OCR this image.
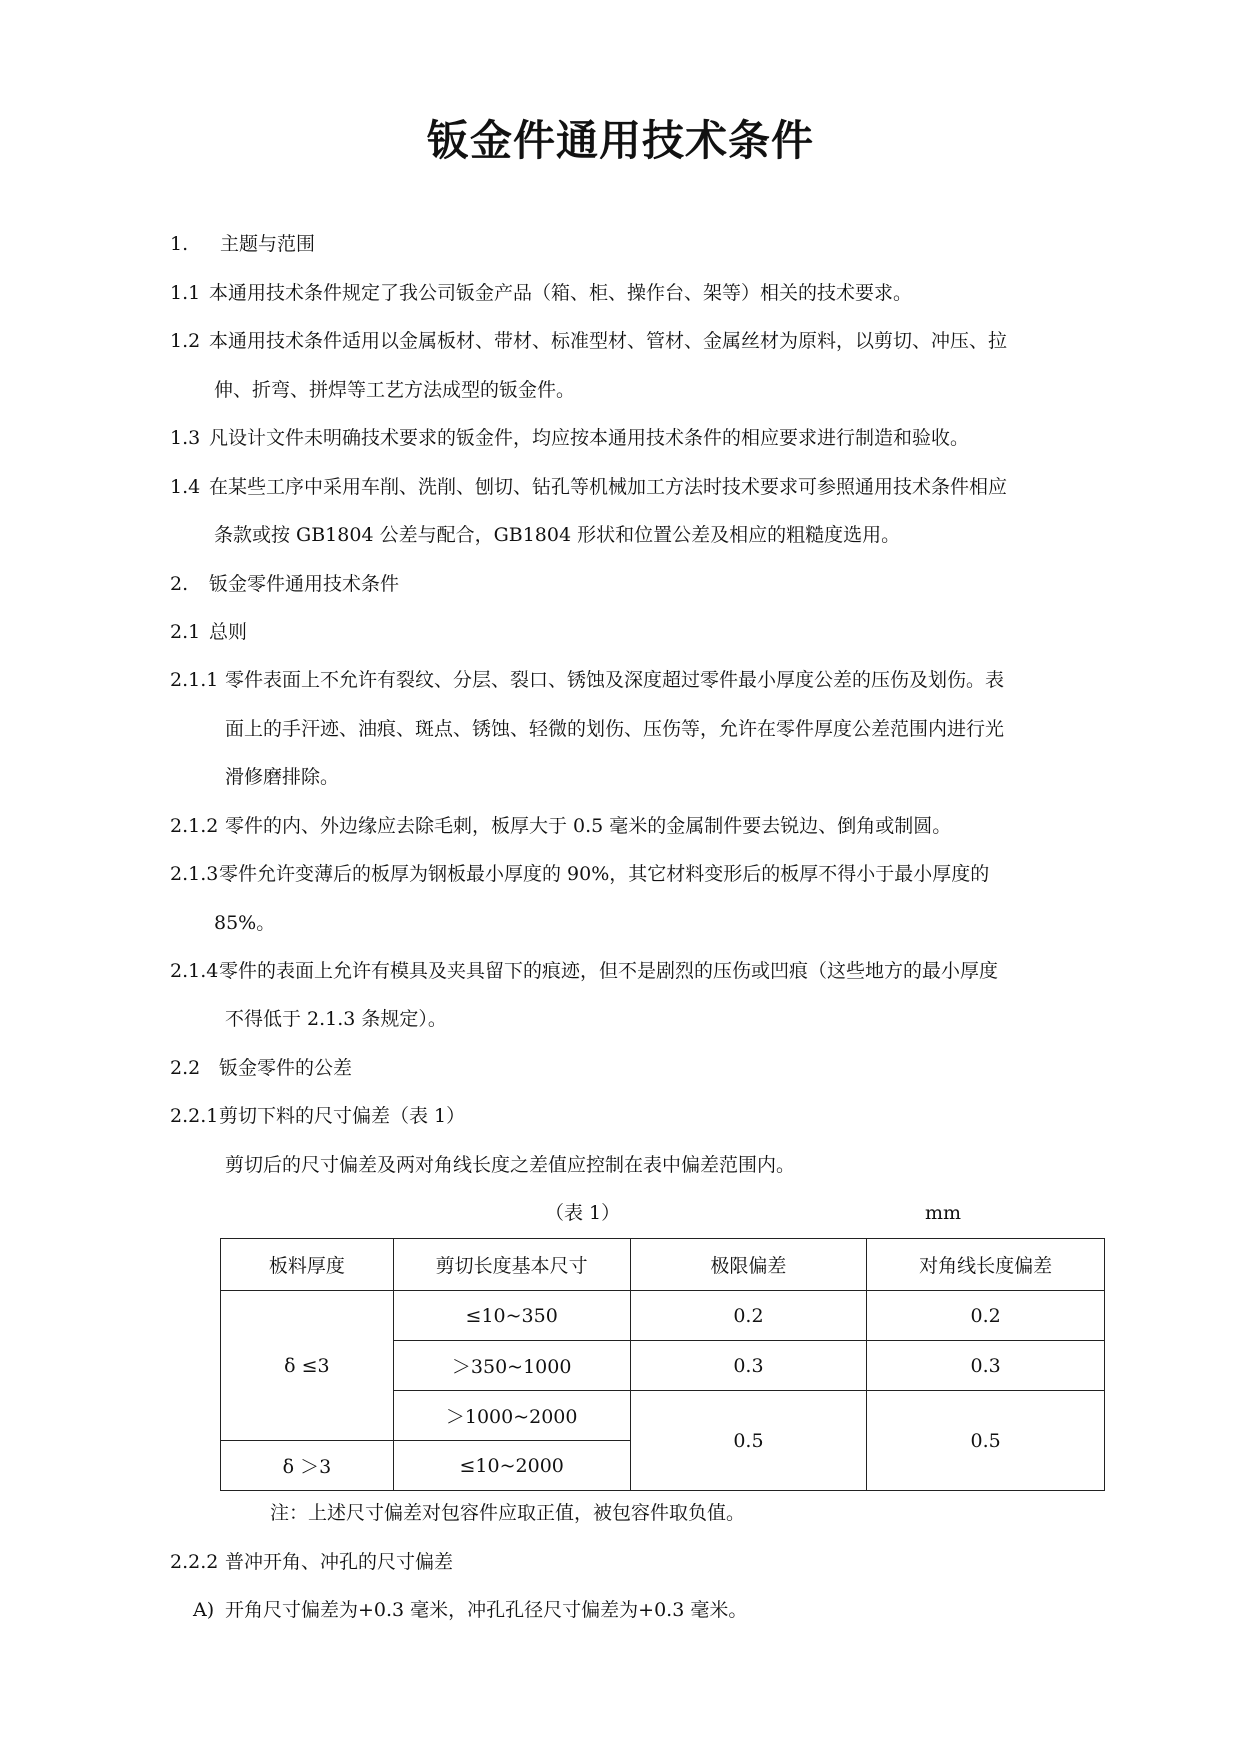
钣金件通用技术条件
1. 主题与范围
1.1 本通用技术条件规定了我公司钣金产品（箱、柜、操作台、架等）相关的技术要求。
1.2 本通用技术条件适用以金属板材、带材、标准型材、管材、金属丝材为原料，以剪切、冲压、拉
伸、折弯、拼焊等工艺方法成型的钣金件。
1.3 凡设计文件未明确技术要求的钣金件，均应按本通用技术条件的相应要求进行制造和验收。
1.4 在某些工序中采用车削、洗削、刨切、钻孔等机械加工方法时技术要求可参照通用技术条件相应
条款或按 GB1804 公差与配合，GB1804 形状和位置公差及相应的粗糙度选用。
2. 钣金零件通用技术条件
2.1 总则
2.1.1 零件表面上不允许有裂纹、分层、裂口、锈蚀及深度超过零件最小厚度公差的压伤及划伤。表
面上的手汗迹、油痕、斑点、锈蚀、轻微的划伤、压伤等，允许在零件厚度公差范围内进行光
滑修磨排除。
2.1.2 零件的内、外边缘应去除毛刺，板厚大于 0.5 毫米的金属制件要去锐边、倒角或制圆。
2.1.3 零件允许变薄后的板厚为钢板最小厚度的 90%，其它材料变形后的板厚不得小于最小厚度的
85%。
2.1.4 零件的表面上允许有模具及夹具留下的痕迹，但不是剧烈的压伤或凹痕（这些地方的最小厚度
不得低于 2.1.3 条规定）。
2.2 钣金零件的公差
2.2.1 剪切下料的尺寸偏差（表 1）
剪切后的尺寸偏差及两对角线长度之差值应控制在表中偏差范围内。
（表 1）	mm
板料厚度	剪切长度基本尺寸	极限偏差	对角线长度偏差
δ ≤3	≤10~350	0.2	0.2
	＞350~1000	0.3	0.3
	＞1000~2000	0.5	0.5
δ ＞3	≤10~2000		
注：上述尺寸偏差对包容件应取正值，被包容件取负值。
2.2.2 普冲开角、冲孔的尺寸偏差
A) 开角尺寸偏差为+0.3 毫米，冲孔孔径尺寸偏差为+0.3 毫米。
